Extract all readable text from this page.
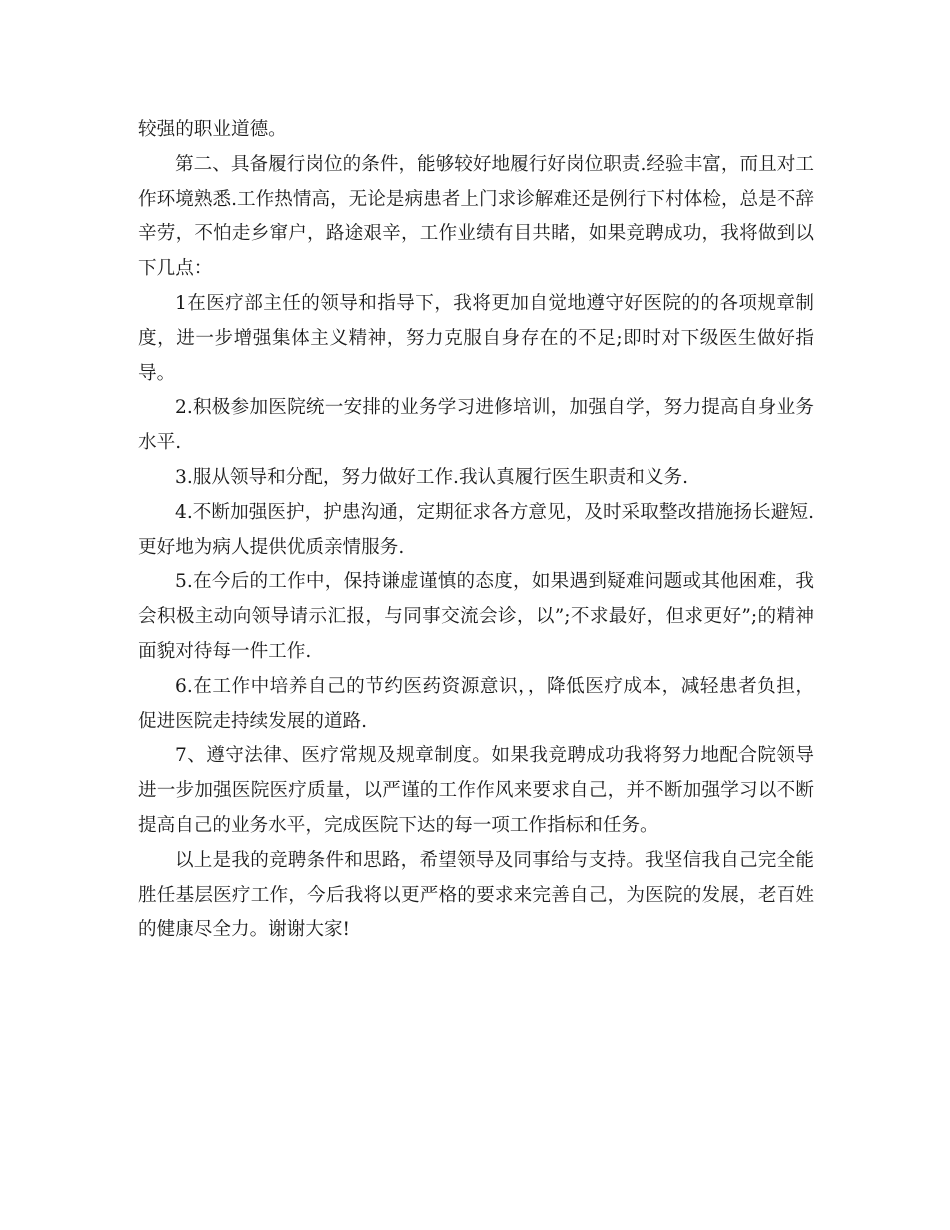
较强的职业道德。

第二、具备履行岗位的条件，能够较好地履行好岗位职责.经验丰富，而且对工作环境熟悉.工作热情高，无论是病患者上门求诊解难还是例行下村体检，总是不辞辛劳，不怕走乡窜户，路途艰辛，工作业绩有目共睹，如果竞聘成功，我将做到以下几点：

1在医疗部主任的领导和指导下，我将更加自觉地遵守好医院的的各项规章制度，进一步增强集体主义精神，努力克服自身存在的不足;即时对下级医生做好指导。

2.积极参加医院统一安排的业务学习进修培训，加强自学，努力提高自身业务水平.

3.服从领导和分配，努力做好工作.我认真履行医生职责和义务.

4.不断加强医护，护患沟通，定期征求各方意见，及时采取整改措施扬长避短.更好地为病人提供优质亲情服务.

5.在今后的工作中，保持谦虚谨慎的态度，如果遇到疑难问题或其他困难，我会积极主动向领导请示汇报，与同事交流会诊，以”;不求最好，但求更好”;的精神面貌对待每一件工作.

6.在工作中培养自己的节约医药资源意识，，降低医疗成本，减轻患者负担，促进医院走持续发展的道路.

7、遵守法律、医疗常规及规章制度。如果我竞聘成功我将努力地配合院领导进一步加强医院医疗质量，以严谨的工作作风来要求自己，并不断加强学习以不断提高自己的业务水平，完成医院下达的每一项工作指标和任务。

以上是我的竞聘条件和思路，希望领导及同事给与支持。我坚信我自己完全能胜任基层医疗工作，今后我将以更严格的要求来完善自己，为医院的发展，老百姓的健康尽全力。谢谢大家!
